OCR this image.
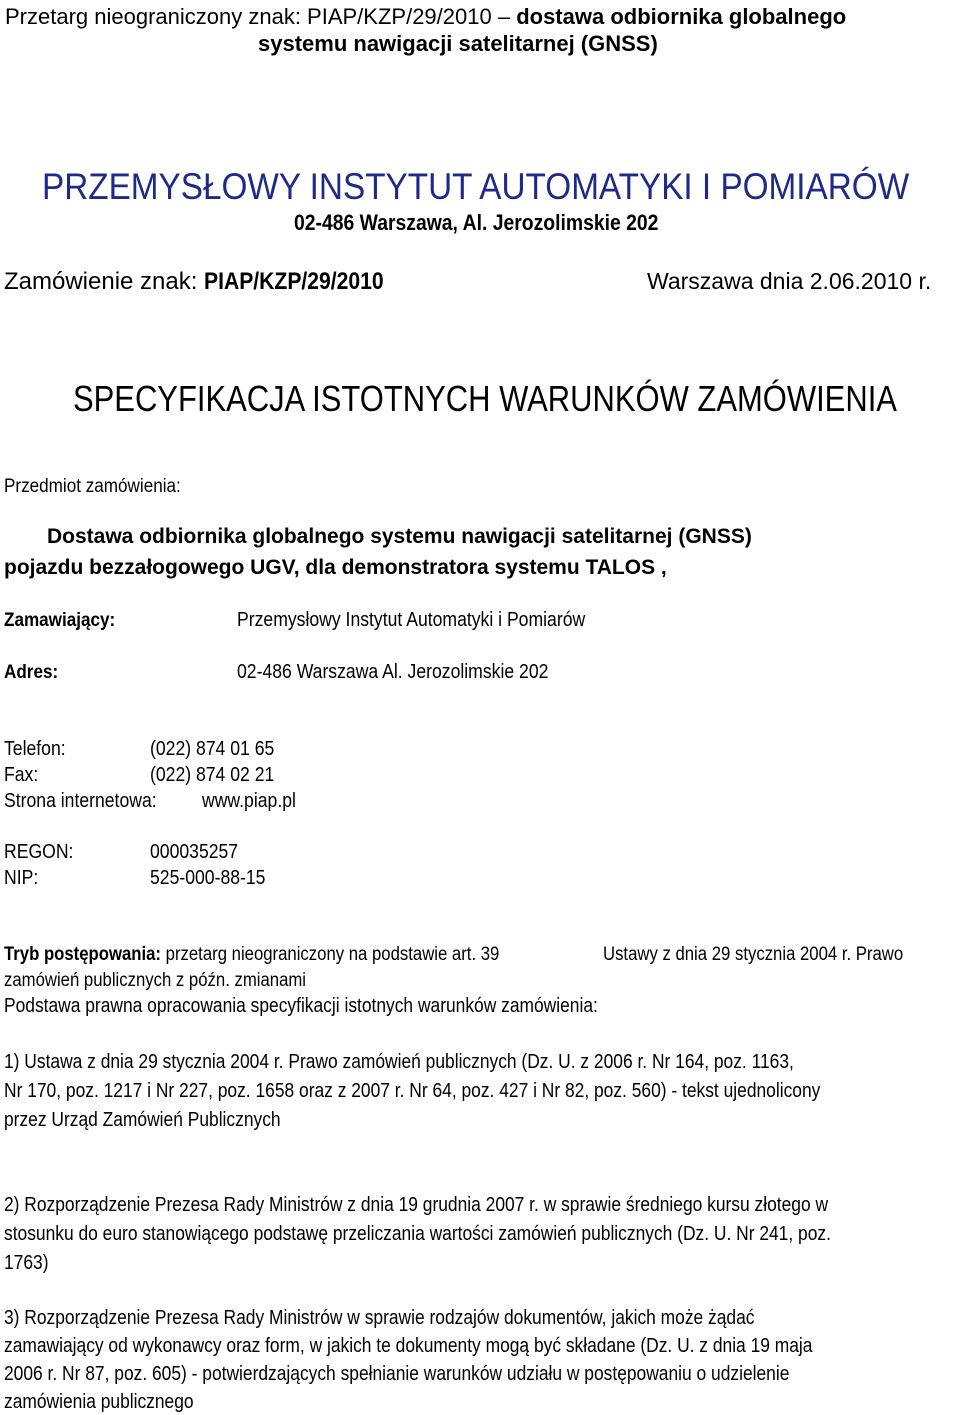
Przetarg nieograniczony znak: PIAP/KZP/29/2010 – dostawa odbiornika globalnego
systemu nawigacji satelitarnej (GNSS)
PRZEMYSŁOWY INSTYTUT AUTOMATYKI I POMIARÓW
02-486 Warszawa, Al. Jerozolimskie 202
Zamówienie znak: PIAP/KZP/29/2010	Warszawa dnia 2.06.2010 r.
SPECYFIKACJA ISTOTNYCH WARUNKÓW ZAMÓWIENIA
Przedmiot zamówienia:
Dostawa odbiornika globalnego systemu nawigacji satelitarnej (GNSS)
pojazdu bezzałogowego UGV, dla demonstratora systemu TALOS ,
Zamawiający:	Przemysłowy Instytut Automatyki i Pomiarów
Adres:	02-486 Warszawa Al. Jerozolimskie 202
Telefon:	(022) 874 01 65
Fax:	(022) 874 02 21
Strona internetowa: www.piap.pl
REGON:	000035257
NIP:	525-000-88-15
Tryb postępowania: przetarg nieograniczony na podstawie art. 39	Ustawy z dnia 29 stycznia 2004 r. Prawo
zamówień publicznych z późn. zmianami
Podstawa prawna opracowania specyfikacji istotnych warunków zamówienia:
1) Ustawa z dnia 29 stycznia 2004 r. Prawo zamówień publicznych (Dz. U. z 2006 r. Nr 164, poz. 1163,
Nr 170, poz. 1217 i Nr 227, poz. 1658 oraz z 2007 r. Nr 64, poz. 427 i Nr 82, poz. 560) - tekst ujednolicony
przez Urząd Zamówień Publicznych
2) Rozporządzenie Prezesa Rady Ministrów z dnia 19 grudnia 2007 r. w sprawie średniego kursu złotego w
stosunku do euro stanowiącego podstawę przeliczania wartości zamówień publicznych (Dz. U. Nr 241, poz.
1763)
3) Rozporządzenie Prezesa Rady Ministrów w sprawie rodzajów dokumentów, jakich może żądać
zamawiający od wykonawcy oraz form, w jakich te dokumenty mogą być składane (Dz. U. z dnia 19 maja
2006 r. Nr 87, poz. 605) - potwierdzających spełnianie warunków udziału w postępowaniu o udzielenie
zamówienia publicznego
